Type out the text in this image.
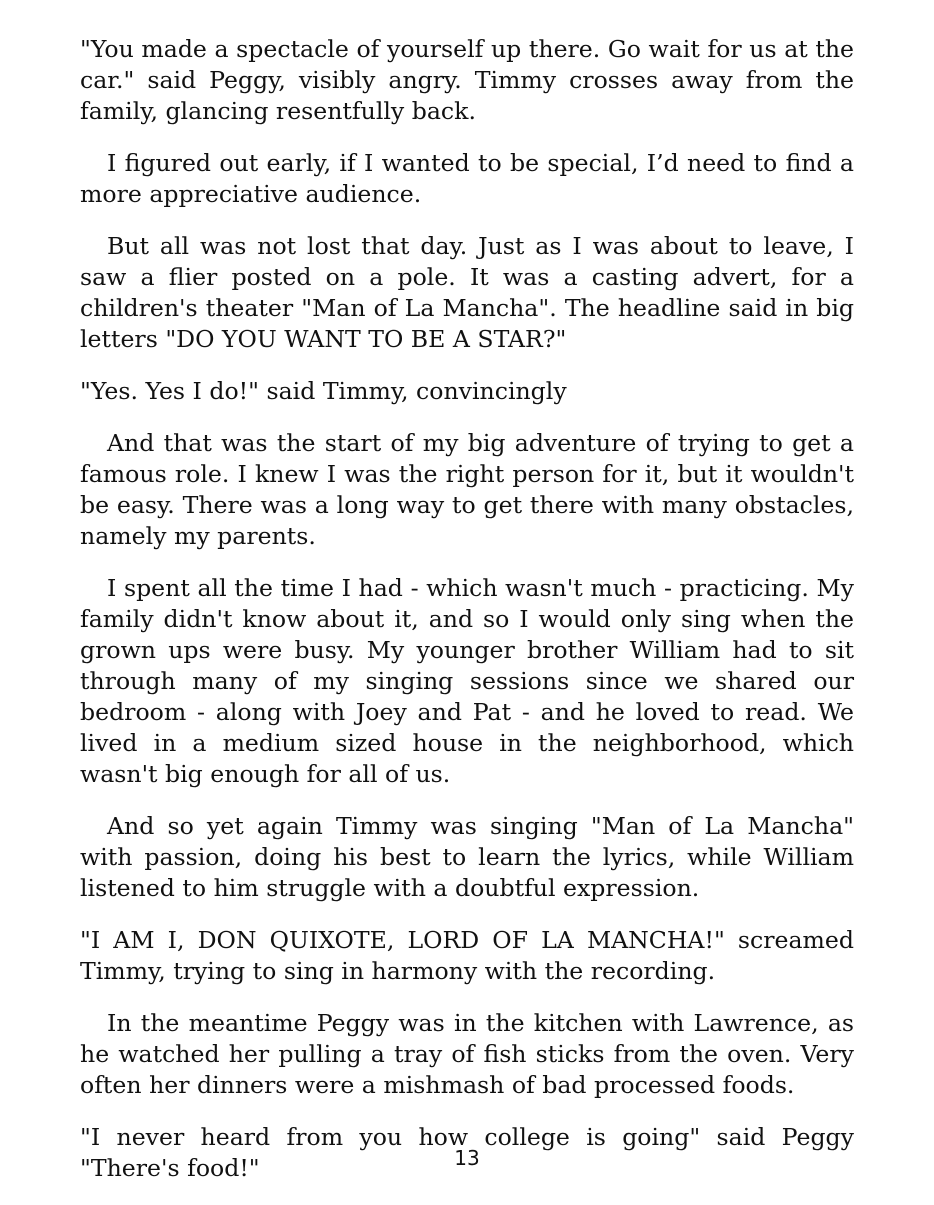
"You made a spectacle of yourself up there. Go wait for us at the car." said Peggy, visibly angry. Timmy crosses away from the family, glancing resentfully back.

I figured out early, if I wanted to be special, I’d need to find a more appreciative audience.

But all was not lost that day. Just as I was about to leave, I saw a flier posted on a pole. It was a casting advert, for a children's theater "Man of La Mancha". The headline said in big letters "DO YOU WANT TO BE A STAR?"

"Yes. Yes I do!" said Timmy, convincingly

And that was the start of my big adventure of trying to get a famous role. I knew I was the right person for it, but it wouldn't be easy. There was a long way to get there with many obstacles, namely my parents.

I spent all the time I had - which wasn't much - practicing. My family didn't know about it, and so I would only sing when the grown ups were busy. My younger brother William had to sit through many of my singing sessions since we shared our bedroom - along with Joey and Pat - and he loved to read. We lived in a medium sized house in the neighborhood, which wasn't big enough for all of us.

And so yet again Timmy was singing "Man of La Mancha" with passion, doing his best to learn the lyrics, while William listened to him struggle with a doubtful expression.

"I AM I, DON QUIXOTE, LORD OF LA MANCHA!" screamed Timmy, trying to sing in harmony with the recording.

In the meantime Peggy was in the kitchen with Lawrence, as he watched her pulling a tray of fish sticks from the oven. Very often her dinners were a mishmash of bad processed foods.

"I never heard from you how college is going" said Peggy "There's food!"	13
